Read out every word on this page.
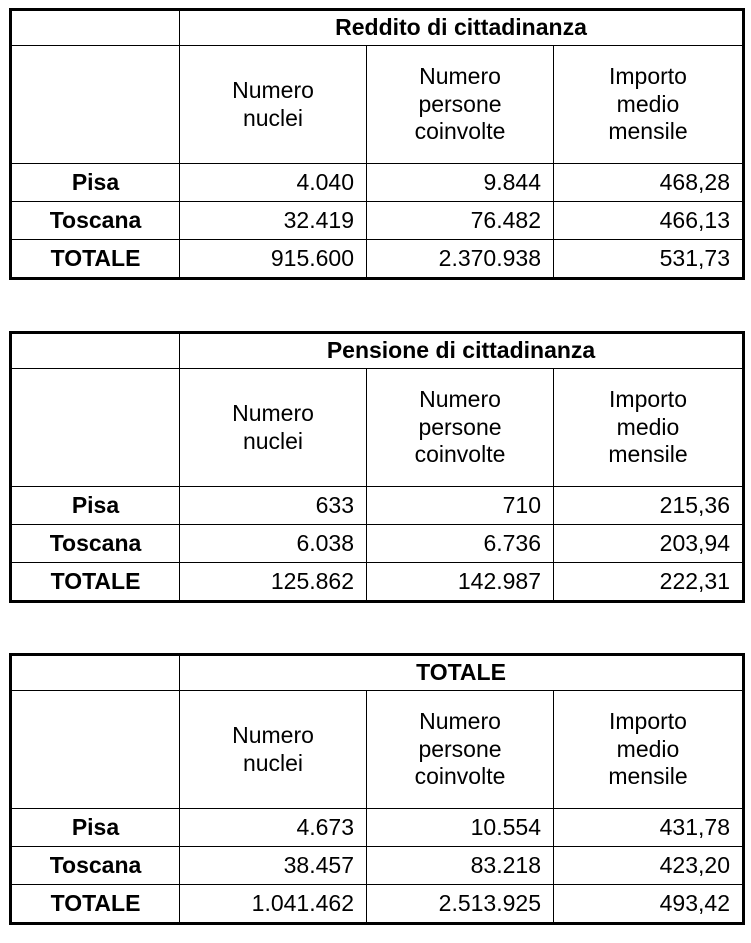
	Reddito di cittadinanza		

	Numero
nuclei	Numero
persone
coinvolte	Importo
medio
mensile

Pisa	4.040	9.844	468,28
Toscana	32.419	76.482	466,13
TOTALE	915.600	2.370.938	531,73
	Pensione di cittadinanza		

	Numero
nuclei	Numero
persone
coinvolte	Importo
medio
mensile

Pisa	633	710	215,36
Toscana	6.038	6.736	203,94
TOTALE	125.862	142.987	222,31
	TOTALE		

	Numero
nuclei	Numero
persone
coinvolte	Importo
medio
mensile

Pisa	4.673	10.554	431,78
Toscana	38.457	83.218	423,20
TOTALE	1.041.462	2.513.925	493,42
